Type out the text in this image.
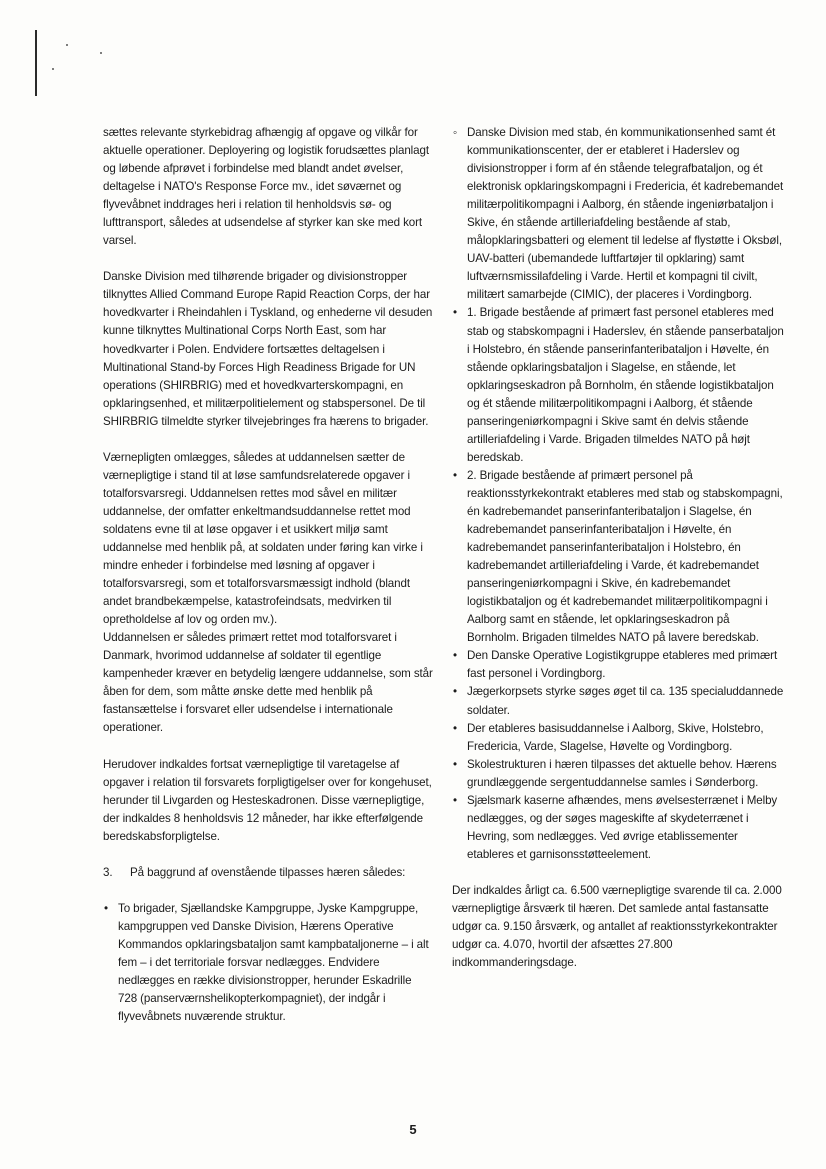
sættes relevante styrkebidrag afhængig af opgave og vilkår for aktuelle operationer. Deployering og logistik forudsættes planlagt og løbende afprøvet i forbindelse med blandt andet øvelser, deltagelse i NATO's Response Force mv., idet søværnet og flyvevåbnet inddrages heri i relation til henholdsvis sø- og lufttransport, således at udsendelse af styrker kan ske med kort varsel.

Danske Division med tilhørende brigader og divisionstropper tilknyttes Allied Command Europe Rapid Reaction Corps, der har hovedkvarter i Rheindahlen i Tyskland, og enhederne vil desuden kunne tilknyttes Multinational Corps North East, som har hovedkvarter i Polen. Endvidere fortsættes deltagelsen i Multinational Stand-by Forces High Readiness Brigade for UN operations (SHIRBRIG) med et hovedkvarterskompagni, en opklaringsenhed, et militærpolitielement og stabspersonel. De til SHIRBRIG tilmeldte styrker tilvejebringes fra hærens to brigader.

Værnepligten omlægges, således at uddannelsen sætter de værnepligtige i stand til at løse samfundsrelaterede opgaver i totalforsvarsregi. Uddannelsen rettes mod såvel en militær uddannelse, der omfatter enkeltmandsuddannelse rettet mod soldatens evne til at løse opgaver i et usikkert miljø samt uddannelse med henblik på, at soldaten under føring kan virke i mindre enheder i forbindelse med løsning af opgaver i totalforsvarsregi, som et totalforsvarsmæssigt indhold (blandt andet brandbekæmpelse, katastrofeindsats, medvirken til opretholdelse af lov og orden mv.).

Uddannelsen er således primært rettet mod totalforsvaret i Danmark, hvorimod uddannelse af soldater til egentlige kampenheder kræver en betydelig længere uddannelse, som står åben for dem, som måtte ønske dette med henblik på fastansættelse i forsvaret eller udsendelse i internationale operationer.

Herudover indkaldes fortsat værnepligtige til varetagelse af opgaver i relation til forsvarets forpligtigelser over for kongehuset, herunder til Livgarden og Hesteskadronen. Disse værnepligtige, der indkaldes 8 henholdsvis 12 måneder, har ikke efterfølgende beredskabsforpligtelse.

3.	På baggrund af ovenstående tilpasses hæren således:
• To brigader, Sjællandske Kampgruppe, Jyske Kampgruppe, kampgruppen ved Danske Division, Hærens Operative Kommandos opklaringsbataljon samt kampbataljonerne – i alt fem – i det territoriale forsvar nedlægges. Endvidere nedlægges en række divisionstropper, herunder Eskadrille 728 (panserværnshelikopterkompagniet), der indgår i flyvevåbnets nuværende struktur.
◦ Danske Division med stab, én kommunikationsenhed samt ét kommunikationscenter, der er etableret i Haderslev og divisionstropper i form af én stående telegrafbataljon, og ét elektronisk opklaringskompagni i Fredericia, ét kadrebemandet militærpolitikompagni i Aalborg, én stående ingeniørbataljon i Skive, én stående artilleriafdeling bestående af stab, målopklaringsbatteri og element til ledelse af flystøtte i Oksbøl, UAV-batteri (ubemandede luftfartøjer til opklaring) samt luftværnsmissilafdeling i Varde. Hertil et kompagni til civilt, militært samarbejde (CIMIC), der placeres i Vordingborg.
• 1. Brigade bestående af primært fast personel etableres med stab og stabskompagni i Haderslev, én stående panserbataljon i Holstebro, én stående panserinfanteribataljon i Høvelte, én stående opklaringsbataljon i Slagelse, en stående, let opklaringseskadron på Bornholm, én stående logistikbataljon og ét stående militærpolitikompagni i Aalborg, ét stående panseringeniørkompagni i Skive samt én delvis stående artilleriafdeling i Varde. Brigaden tilmeldes NATO på højt beredskab.
• 2. Brigade bestående af primært personel på reaktionsstyrkekontrakt etableres med stab og stabskompagni, én kadrebemandet panserinfanteribataljon i Slagelse, én kadrebemandet panserinfanteribataljon i Høvelte, én kadrebemandet panserinfanteribataljon i Holstebro, én kadrebemandet artilleriafdeling i Varde, ét kadrebemandet panseringeniørkompagni i Skive, én kadrebemandet logistikbataljon og ét kadrebemandet militærpolitikompagni i Aalborg samt en stående, let opklaringseskadron på Bornholm. Brigaden tilmeldes NATO på lavere beredskab.
• Den Danske Operative Logistikgruppe etableres med primært fast personel i Vordingborg.
• Jægerkorpsets styrke søges øget til ca. 135 specialuddannede soldater.
• Der etableres basisuddannelse i Aalborg, Skive, Holstebro, Fredericia, Varde, Slagelse, Høvelte og Vordingborg.
• Skolestrukturen i hæren tilpasses det aktuelle behov. Hærens grundlæggende sergentuddannelse samles i Sønderborg.
• Sjælsmark kaserne afhændes, mens øvelsesterrænet i Melby nedlægges, og der søges mageskifte af skydeterrænet i Hevring, som nedlægges. Ved øvrige etablissementer etableres et garnisonsstøtteelement.

Der indkaldes årligt ca. 6.500 værnepligtige svarende til ca. 2.000 værnepligtige årsværk til hæren. Det samlede antal fastansatte udgør ca. 9.150 årsværk, og antallet af reaktionsstyrkekontrakter udgør ca. 4.070, hvortil der afsættes 27.800 indkommanderingsdage.

5
